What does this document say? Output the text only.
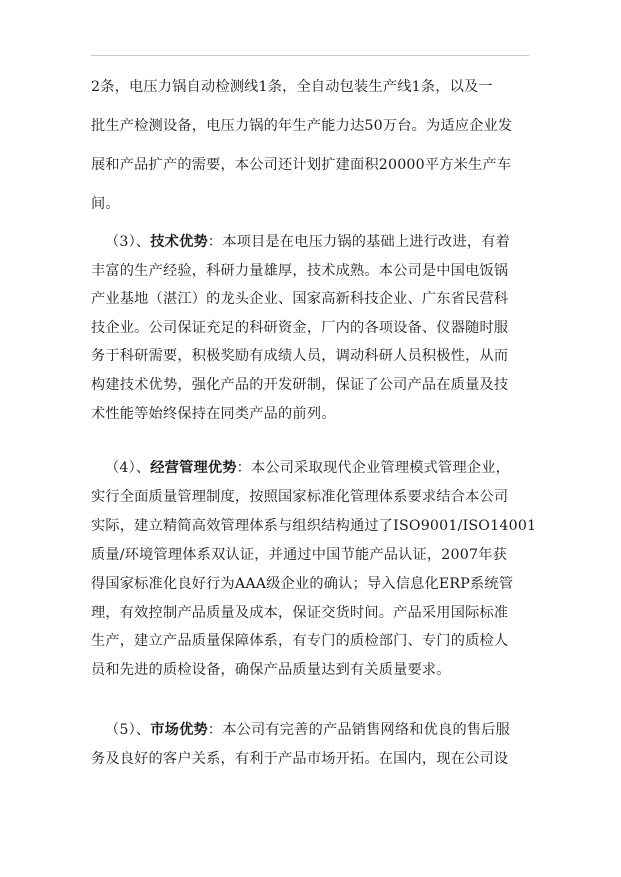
2条，电压力锅自动检测线1条，全自动包装生产线1条，以及一
批生产检测设备，电压力锅的年生产能力达50万台。为适应企业发
展和产品扩产的需要，本公司还计划扩建面积20000平方米生产车
间。

（3）、技术优势：本项目是在电压力锅的基础上进行改进，有着
丰富的生产经验，科研力量雄厚，技术成熟。本公司是中国电饭锅
产业基地（湛江）的龙头企业、国家高新科技企业、广东省民营科
技企业。公司保证充足的科研资金，厂内的各项设备、仪器随时服
务于科研需要，积极奖励有成绩人员，调动科研人员积极性，从而
构建技术优势，强化产品的开发研制，保证了公司产品在质量及技
术性能等始终保持在同类产品的前列。

（4）、经营管理优势：本公司采取现代企业管理模式管理企业，
实行全面质量管理制度，按照国家标准化管理体系要求结合本公司
实际，建立精简高效管理体系与组织结构通过了ISO9001/ISO14001
质量/环境管理体系双认证，并通过中国节能产品认证，2007年获
得国家标准化良好行为AAA级企业的确认；导入信息化ERP系统管
理，有效控制产品质量及成本，保证交货时间。产品采用国际标准
生产，建立产品质量保障体系，有专门的质检部门、专门的质检人
员和先进的质检设备，确保产品质量达到有关质量要求。

（5）、市场优势：本公司有完善的产品销售网络和优良的售后服
务及良好的客户关系，有利于产品市场开拓。在国内，现在公司设
